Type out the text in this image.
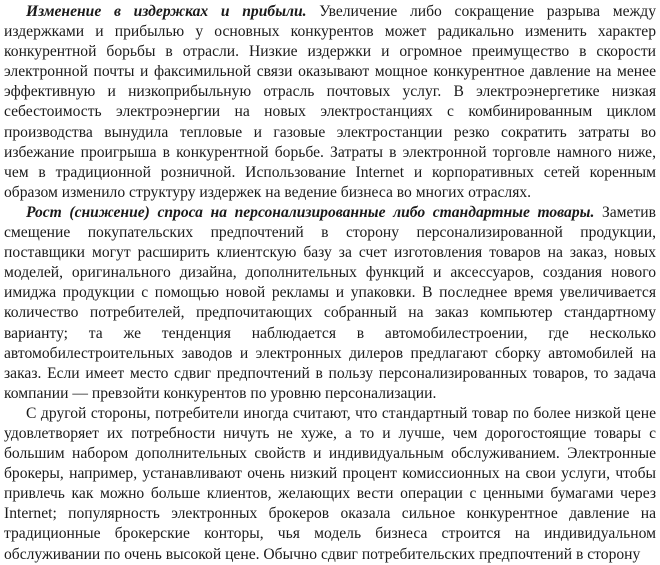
Изменение в издержках и прибыли. Увеличение либо сокращение разрыва между издержками и прибылью у основных конкурентов может радикально изменить характер конкурентной борьбы в отрасли. Низкие издержки и огромное преимущество в скорости электронной почты и факсимильной связи оказывают мощное конкурентное давление на менее эффективную и низкоприбыльную отрасль почтовых услуг. В электроэнергетике низкая себестоимость электроэнергии на новых электростанциях с комбинированным циклом производства вынудила тепловые и газовые электростанции резко сократить затраты во избежание проигрыша в конкурентной борьбе. Затраты в электронной торговле намного ниже, чем в традиционной розничной. Использование Internet и корпоративных сетей коренным образом изменило структуру издержек на ведение бизнеса во многих отраслях.

Рост (снижение) спроса на персонализированные либо стандартные товары. Заметив смещение покупательских предпочтений в сторону персонализированной продукции, поставщики могут расширить клиентскую базу за счет изготовления товаров на заказ, новых моделей, оригинального дизайна, дополнительных функций и аксессуаров, создания нового имиджа продукции с помощью новой рекламы и упаковки. В последнее время увеличивается количество потребителей, предпочитающих собранный на заказ компьютер стандартному варианту; та же тенденция наблюдается в автомобилестроении, где несколько автомобилестроительных заводов и электронных дилеров предлагают сборку автомобилей на заказ. Если имеет место сдвиг предпочтений в пользу персонализированных товаров, то задача компании — превзойти конкурентов по уровню персонализации.

С другой стороны, потребители иногда считают, что стандартный товар по более низкой цене удовлетворяет их потребности ничуть не хуже, а то и лучше, чем дорогостоящие товары с большим набором дополнительных свойств и индивидуальным обслуживанием. Электронные брокеры, например, устанавливают очень низкий процент комиссионных на свои услуги, чтобы привлечь как можно больше клиентов, желающих вести операции с ценными бумагами через Internet; популярность электронных брокеров оказала сильное конкурентное давление на традиционные брокерские конторы, чья модель бизнеса строится на индивидуальном обслуживании по очень высокой цене. Обычно сдвиг потребительских предпочтений в сторону
